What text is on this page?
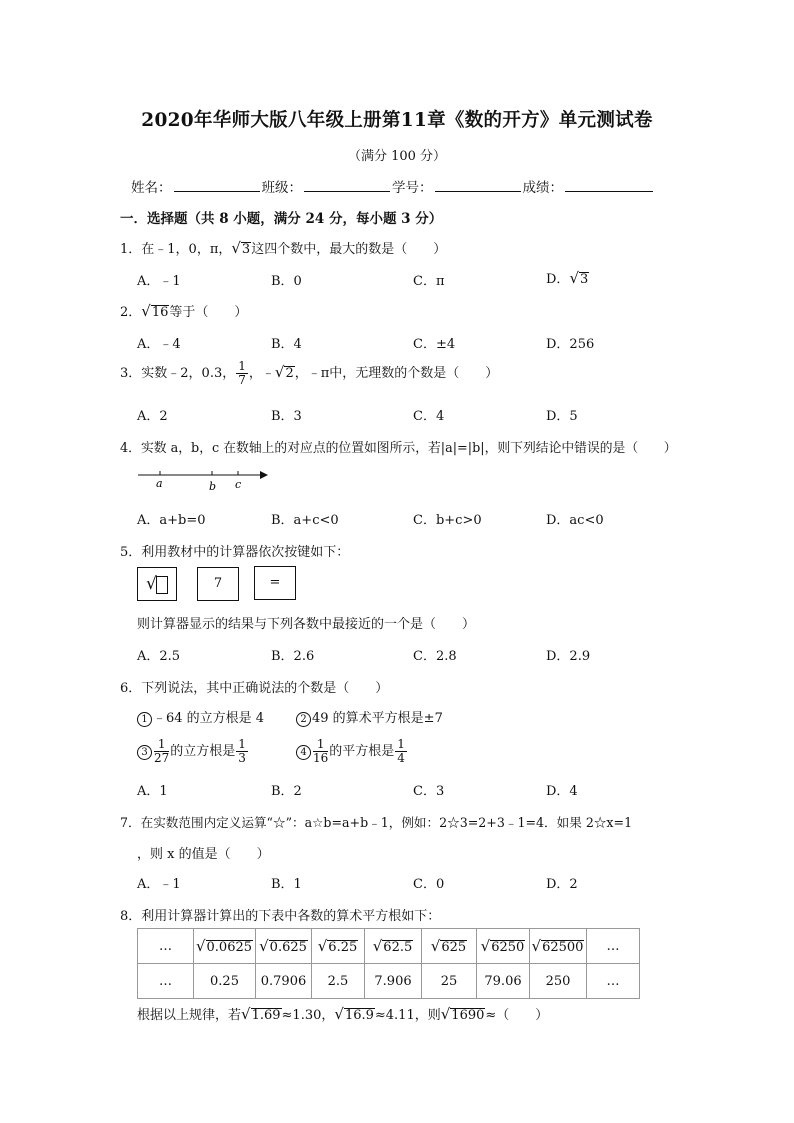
2020年华师大版八年级上册第11章《数的开方》单元测试卷
（满分 100 分）
姓名：	班级：	学号：	成绩：
一．选择题（共 8 小题，满分 24 分，每小题 3 分）
1．在﹣1，0，π，√3这四个数中，最大的数是（　　）
A．﹣1	B．0	C．π	D．√3
2．√16等于（　　）
A．﹣4	B．4	C．±4	D．256
3．实数﹣2，0.3， $\frac{1}{7}$ ，﹣√2，﹣π中，无理数的个数是（　　）
A．2	B．3	C．4	D．5
4．实数 a，b，c 在数轴上的对应点的位置如图所示，若|a|=|b|，则下列结论中错误的是（　　）
a	b c
A．a+b=0	B．a+c<0	C．b+c>0	D．ac<0
5．利用教材中的计算器依次按键如下：
√	7	=
则计算器显示的结果与下列各数中最接近的一个是（　　）
A．2.5	B．2.6	C．2.8	D．2.9
6．下列说法，其中正确说法的个数是（　　）
1 ﹣64 的立方根是 4	2 49 的算术平方根是±7
$3 \frac{1}{27}$ 的立方根是 $\frac{1}{3}$	$4 \frac{1}{16}$ 的平方根是 $\frac{1}{4}$
A．1	B．2	C．3	D．4
7．在实数范围内定义运算“☆”：a☆b=a+b﹣1，例如：2☆3=2+3﹣1=4．如果 2☆x=1
，则 x 的值是（　　）
A．﹣1	B．1	C．0	D．2
8．利用计算器计算出的下表中各数的算术平方根如下：
…	√0.0625	√0.625	√6.25	√62.5	√625	√6250	√62500	…
…	0.25	0.7906	2.5	7.906	25	79.06	250	…
根据以上规律，若√1.69≈1.30，√16.9≈4.11，则√1690≈（　　）
